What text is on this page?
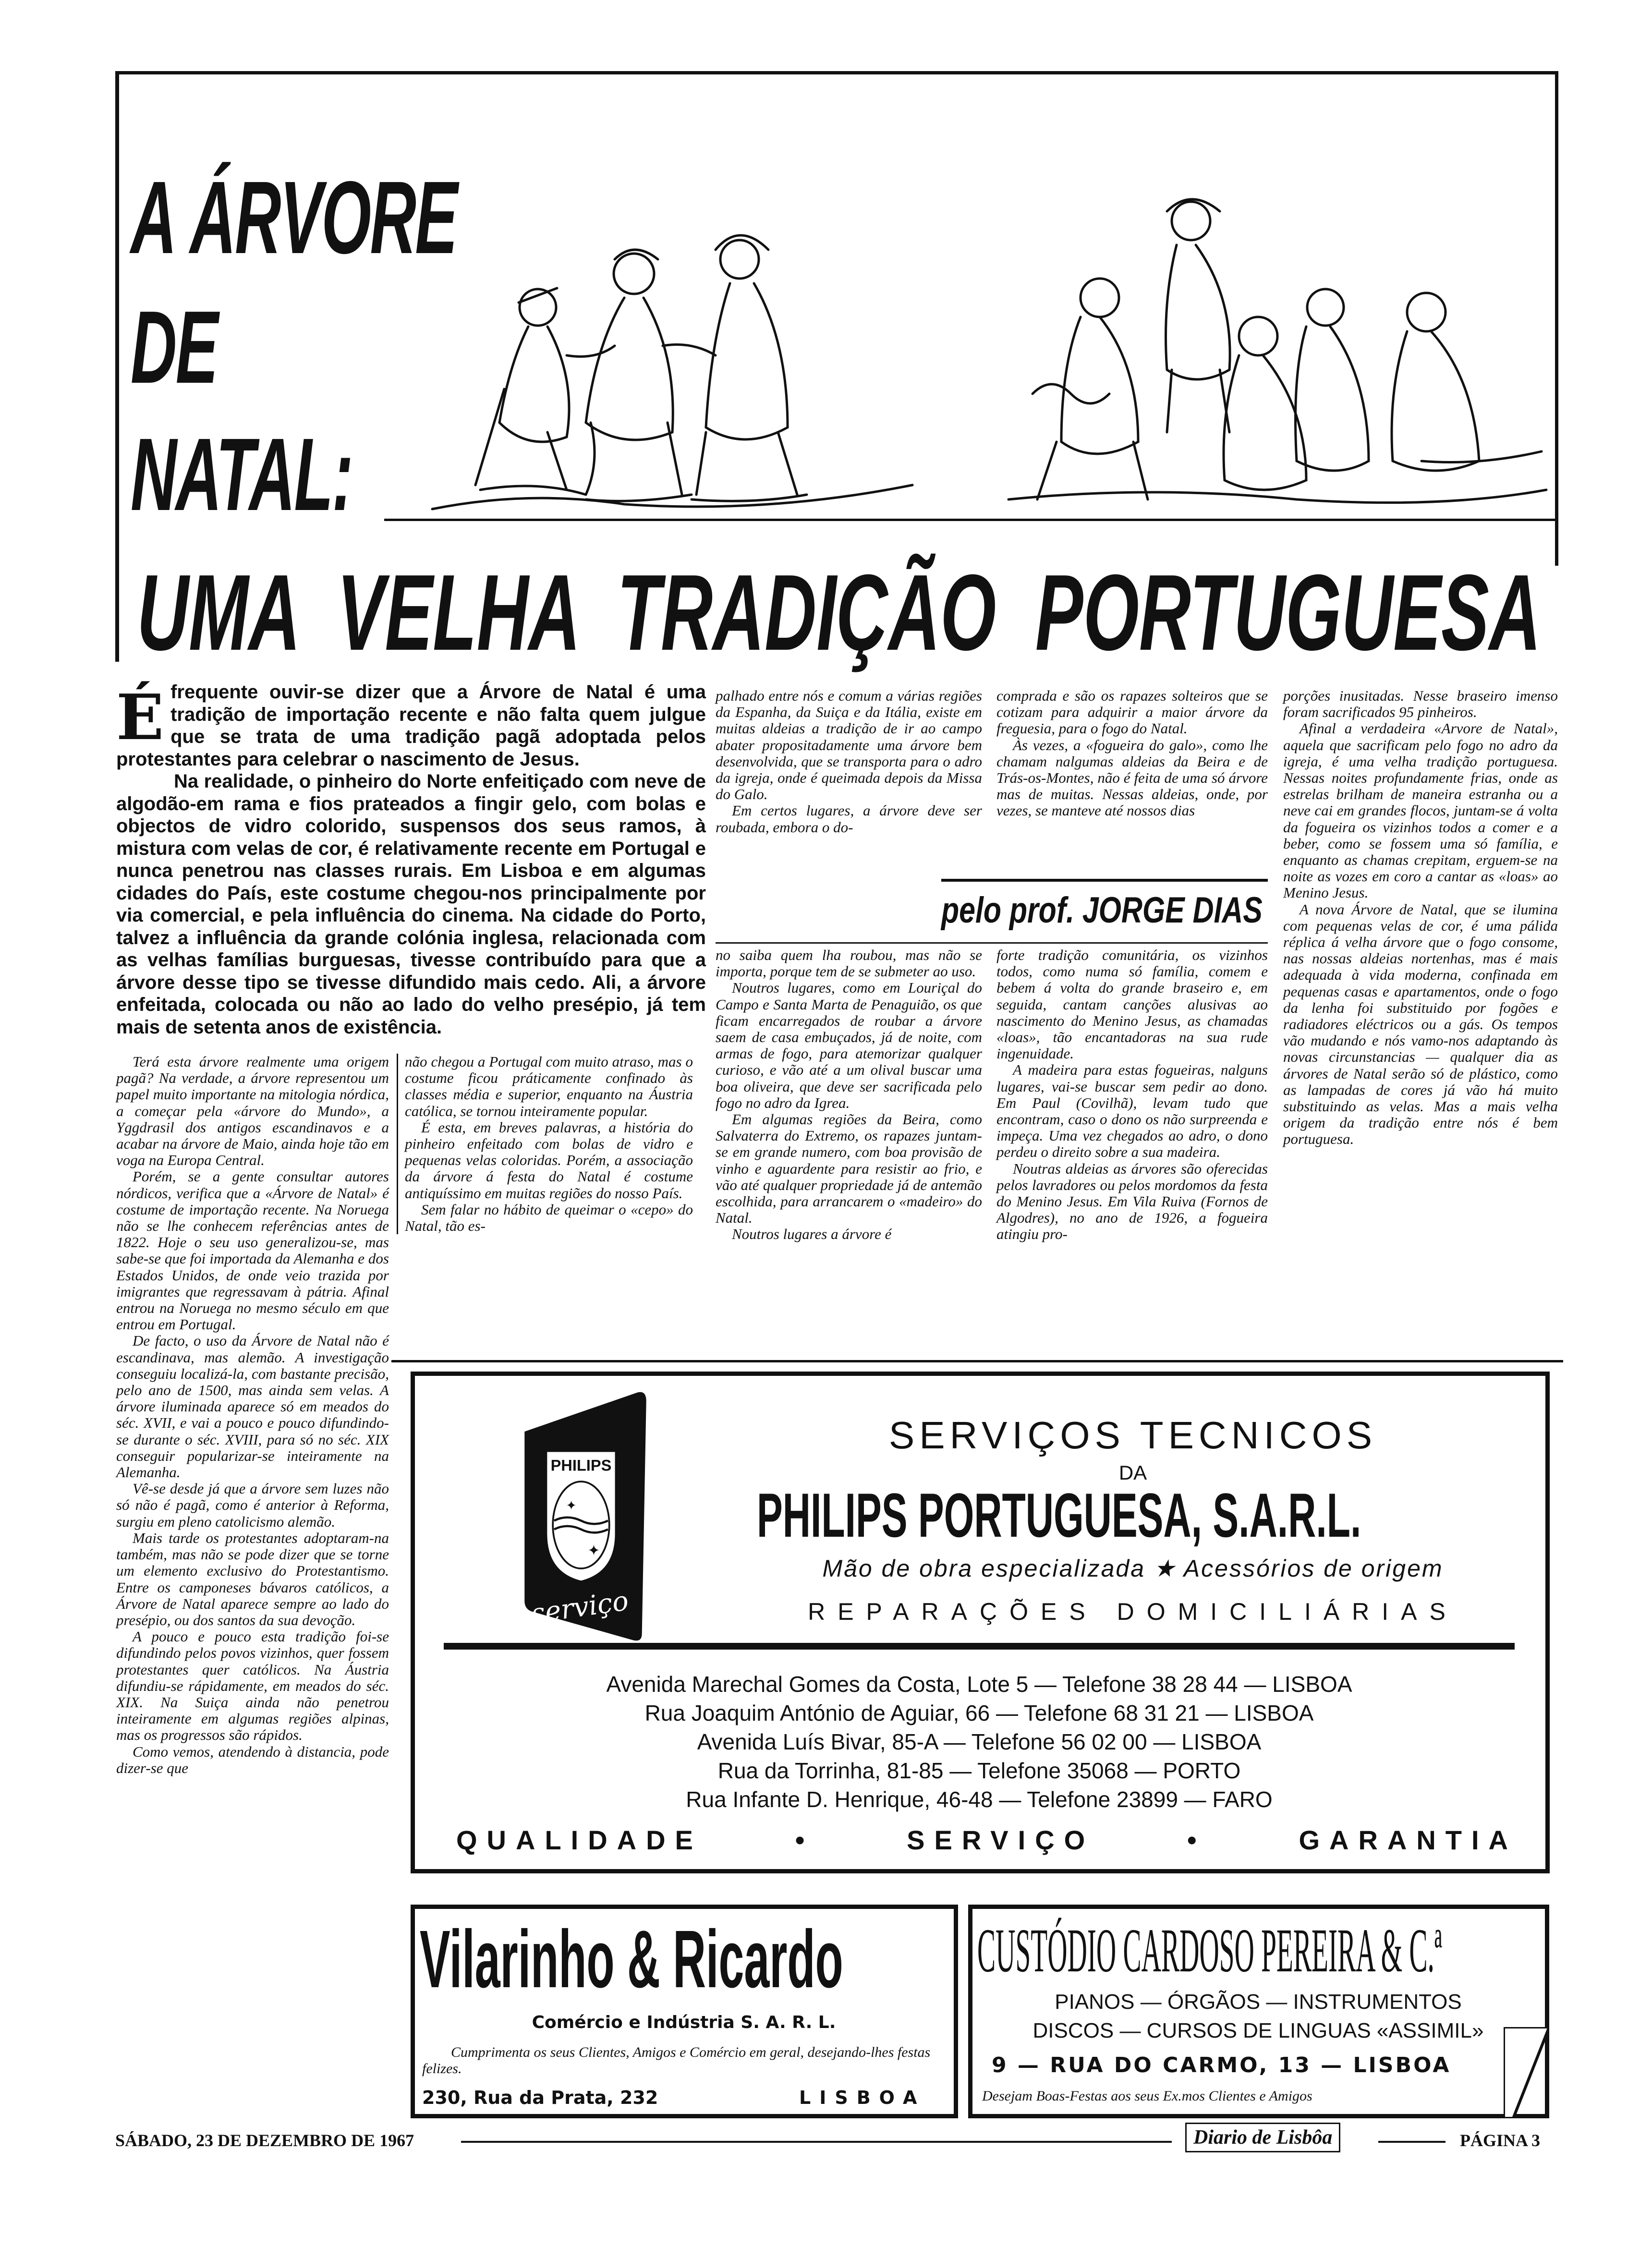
A ÁRVORE
DE
NATAL:
UMA VELHA TRADIÇÃO PORTUGUESA

Éfrequente ouvir-se dizer que a Árvore de Natal é uma tradição de importação recente e não falta quem julgue que se trata de uma tradição pagã adoptada pelos protestantes para celebrar o nascimento de Jesus.

Na realidade, o pinheiro do Norte enfeitiçado com neve de algodão-em rama e fios prateados a fingir gelo, com bolas e objectos de vidro colorido, suspensos dos seus ramos, à mistura com velas de cor, é relativamente recente em Portugal e nunca penetrou nas classes rurais. Em Lisboa e em algumas cidades do País, este costume chegou-nos principalmente por via comercial, e pela influência do cinema. Na cidade do Porto, talvez a influência da grande colónia inglesa, relacionada com as velhas famílias burguesas, tivesse contribuído para que a árvore desse tipo se tivesse difundido mais cedo. Ali, a árvore enfeitada, colocada ou não ao lado do velho presépio, já tem mais de setenta anos de existência.

Terá esta árvore realmente uma origem pagã? Na verdade, a árvore representou um papel muito importante na mitologia nórdica, a começar pela «árvore do Mundo», a Yggdrasil dos antigos escandinavos e a acabar na árvore de Maio, ainda hoje tão em voga na Europa Central.

Porém, se a gente consultar autores nórdicos, verifica que a «Árvore de Natal» é costume de importação recente. Na Noruega não se lhe conhecem referências antes de 1822. Hoje o seu uso generalizou-se, mas sabe-se que foi importada da Alemanha e dos Estados Unidos, de onde veio trazida por imigrantes que regressavam à pátria. Afinal entrou na Noruega no mesmo século em que entrou em Portugal.

De facto, o uso da Árvore de Natal não é escandinava, mas alemão. A investigação conseguiu localizá-la, com bastante precisão, pelo ano de 1500, mas ainda sem velas. A árvore iluminada aparece só em meados do séc. XVII, e vai a pouco e pouco difundindo-se durante o séc. XVIII, para só no séc. XIX conseguir popularizar-se inteiramente na Alemanha.

Vê-se desde já que a árvore sem luzes não só não é pagã, como é anterior à Reforma, surgiu em pleno catolicismo alemão.

Mais tarde os protestantes adoptaram-na também, mas não se pode dizer que se torne um elemento exclusivo do Protestantismo. Entre os camponeses bávaros católicos, a Árvore de Natal aparece sempre ao lado do presépio, ou dos santos da sua devoção.

A pouco e pouco esta tradição foi-se difundindo pelos povos vizinhos, quer fossem protestantes quer católicos. Na Áustria difundiu-se rápidamente, em meados do séc. XIX. Na Suiça ainda não penetrou inteiramente em algumas regiões alpinas, mas os progressos são rápidos.

Como vemos, atendendo à distancia, pode dizer-se que

não chegou a Portugal com muito atraso, mas o costume ficou práticamente confinado às classes média e superior, enquanto na Áustria católica, se tornou inteiramente popular.

É esta, em breves palavras, a história do pinheiro enfeitado com bolas de vidro e pequenas velas coloridas. Porém, a associação da árvore á festa do Natal é costume antiquíssimo em muitas regiões do nosso País.

Sem falar no hábito de queimar o «cepo» do Natal, tão es-

palhado entre nós e comum a várias regiões da Espanha, da Suiça e da Itália, existe em muitas aldeias a tradição de ir ao campo abater propositadamente uma árvore bem desenvolvida, que se transporta para o adro da igreja, onde é queimada depois da Missa do Galo.

Em certos lugares, a árvore deve ser roubada, embora o do-

comprada e são os rapazes solteiros que se cotizam para adquirir a maior árvore da freguesia, para o fogo do Natal.

Às vezes, a «fogueira do galo», como lhe chamam nalgumas aldeias da Beira e de Trás-os-Montes, não é feita de uma só árvore mas de muitas. Nessas aldeias, onde, por vezes, se manteve até nossos dias

pelo prof. JORGE DIAS

no saiba quem lha roubou, mas não se importa, porque tem de se submeter ao uso.

Noutros lugares, como em Louriçal do Campo e Santa Marta de Penaguião, os que ficam encarregados de roubar a árvore saem de casa embuçados, já de noite, com armas de fogo, para atemorizar qualquer curioso, e vão até a um olival buscar uma boa oliveira, que deve ser sacrificada pelo fogo no adro da Igrea.

Em algumas regiões da Beira, como Salvaterra do Extremo, os rapazes juntam-se em grande numero, com boa provisão de vinho e aguardente para resistir ao frio, e vão até qualquer propriedade já de antemão escolhida, para arrancarem o «madeiro» do Natal.

Noutros lugares a árvore é

forte tradição comunitária, os vizinhos todos, como numa só família, comem e bebem á volta do grande braseiro e, em seguida, cantam canções alusivas ao nascimento do Menino Jesus, as chamadas «loas», tão encantadoras na sua rude ingenuidade.

A madeira para estas fogueiras, nalguns lugares, vai-se buscar sem pedir ao dono. Em Paul (Covilhã), levam tudo que encontram, caso o dono os não surpreenda e impeça. Uma vez chegados ao adro, o dono perdeu o direito sobre a sua madeira.

Noutras aldeias as árvores são oferecidas pelos lavradores ou pelos mordomos da festa do Menino Jesus. Em Vila Ruiva (Fornos de Algodres), no ano de 1926, a fogueira atingiu pro-

porções inusitadas. Nesse braseiro imenso foram sacrificados 95 pinheiros.

Afinal a verdadeira «Arvore de Natal», aquela que sacrificam pelo fogo no adro da igreja, é uma velha tradição portuguesa. Nessas noites profundamente frias, onde as estrelas brilham de maneira estranha ou a neve cai em grandes flocos, juntam-se á volta da fogueira os vizinhos todos a comer e a beber, como se fossem uma só família, e enquanto as chamas crepitam, erguem-se na noite as vozes em coro a cantar as «loas» ao Menino Jesus.

A nova Árvore de Natal, que se ilumina com pequenas velas de cor, é uma pálida réplica á velha árvore que o fogo consome, nas nossas aldeias nortenhas, mas é mais adequada à vida moderna, confinada em pequenas casas e apartamentos, onde o fogo da lenha foi substituido por fogões e radiadores eléctricos ou a gás. Os tempos vão mudando e nós vamo-nos adaptando às novas circunstancias — qualquer dia as árvores de Natal serão só de plástico, como as lampadas de cores já vão há muito substituindo as velas. Mas a mais velha origem da tradição entre nós é bem portuguesa.

PHILIPS
✦
✦
serviço
SERVIÇOS TECNICOS
DA
PHILIPS PORTUGUESA, S.A.R.L.
Mão de obra especializada ★ Acessórios de origem
REPARAÇÕES DOMICILIÁRIAS
Avenida Marechal Gomes da Costa, Lote 5 — Telefone 38 28 44 — LISBOA
Rua Joaquim António de Aguiar, 66 — Telefone 68 31 21 — LISBOA
Avenida Luís Bivar, 85-A — Telefone 56 02 00 — LISBOA
Rua da Torrinha, 81-85 — Telefone 35068 — PORTO
Rua Infante D. Henrique, 46-48 — Telefone 23899 — FARO
QUALIDADE	•	SERVIÇO	•	GARANTIA
Vilarinho & Ricardo
Comércio e Indústria S. A. R. L.
Cumprimenta os seus Clientes, Amigos e Comércio em geral, desejando-lhes festas felizes.
230, Rua da Prata, 232	LISBOA
CUSTÓDIO CARDOSO PEREIRA & C.ª
PIANOS — ÓRGÃOS — INSTRUMENTOS
DISCOS — CURSOS DE LINGUAS «ASSIMIL»
9 — RUA DO CARMO, 13 — LISBOA
Desejam Boas-Festas aos seus Ex.mos Clientes e Amigos
SÁBADO, 23 DE DEZEMBRO DE 1967	Diario de Lisbôa	PÁGINA 3
